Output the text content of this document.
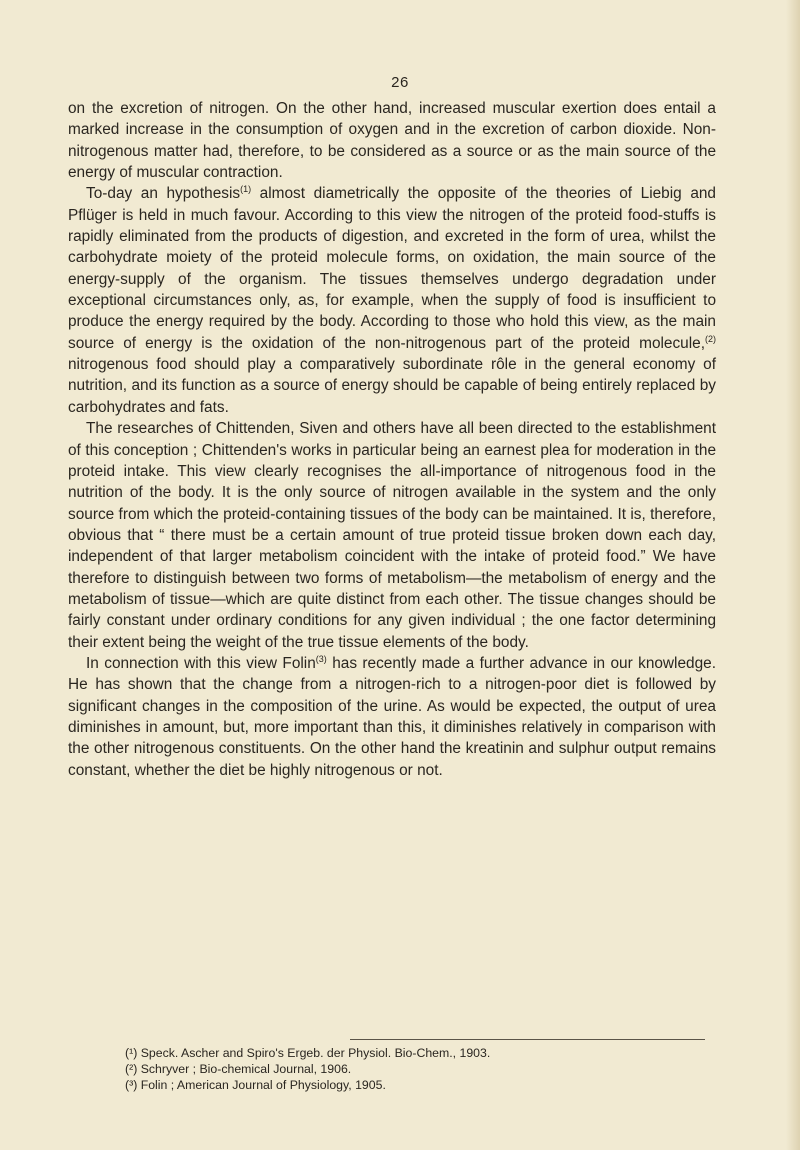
26

on the excretion of nitrogen. On the other hand, increased muscular exertion does entail a marked increase in the consumption of oxygen and in the excretion of carbon dioxide. Non-nitrogenous matter had, therefore, to be considered as a source or as the main source of the energy of muscular contraction.

To-day an hypothesis$^{(1)}$ almost diametrically the opposite of the theories of Liebig and Pflüger is held in much favour. According to this view the nitrogen of the proteid food-stuffs is rapidly eliminated from the products of digestion, and excreted in the form of urea, whilst the carbohydrate moiety of the proteid molecule forms, on oxidation, the main source of the energy-supply of the organism. The tissues themselves undergo degradation under exceptional circumstances only, as, for example, when the supply of food is insufficient to produce the energy required by the body. According to those who hold this view, as the main source of energy is the oxidation of the non-nitrogenous part of the proteid molecule,$^{(2)}$ nitrogenous food should play a comparatively subordinate rôle in the general economy of nutrition, and its function as a source of energy should be capable of being entirely replaced by carbohydrates and fats.

The researches of Chittenden, Siven and others have all been directed to the establishment of this conception ; Chittenden's works in particular being an earnest plea for moderation in the proteid intake. This view clearly recognises the all-importance of nitrogenous food in the nutrition of the body. It is the only source of nitrogen available in the system and the only source from which the proteid-containing tissues of the body can be maintained. It is, therefore, obvious that “ there must be a certain amount of true proteid tissue broken down each day, independent of that larger metabolism coincident with the intake of proteid food.” We have therefore to distinguish between two forms of metabolism—the metabolism of energy and the metabolism of tissue—which are quite distinct from each other. The tissue changes should be fairly constant under ordinary conditions for any given individual ; the one factor determining their extent being the weight of the true tissue elements of the body.

In connection with this view Folin$^{(3)}$ has recently made a further advance in our knowledge. He has shown that the change from a nitrogen-rich to a nitrogen-poor diet is followed by significant changes in the composition of the urine. As would be expected, the output of urea diminishes in amount, but, more important than this, it diminishes relatively in comparison with the other nitrogenous constituents. On the other hand the kreatinin and sulphur output remains constant, whether the diet be highly nitrogenous or not.

(¹) Speck. Ascher and Spiro's Ergeb. der Physiol. Bio-Chem., 1903.
(²) Schryver ; Bio-chemical Journal, 1906.
(³) Folin ; American Journal of Physiology, 1905.
